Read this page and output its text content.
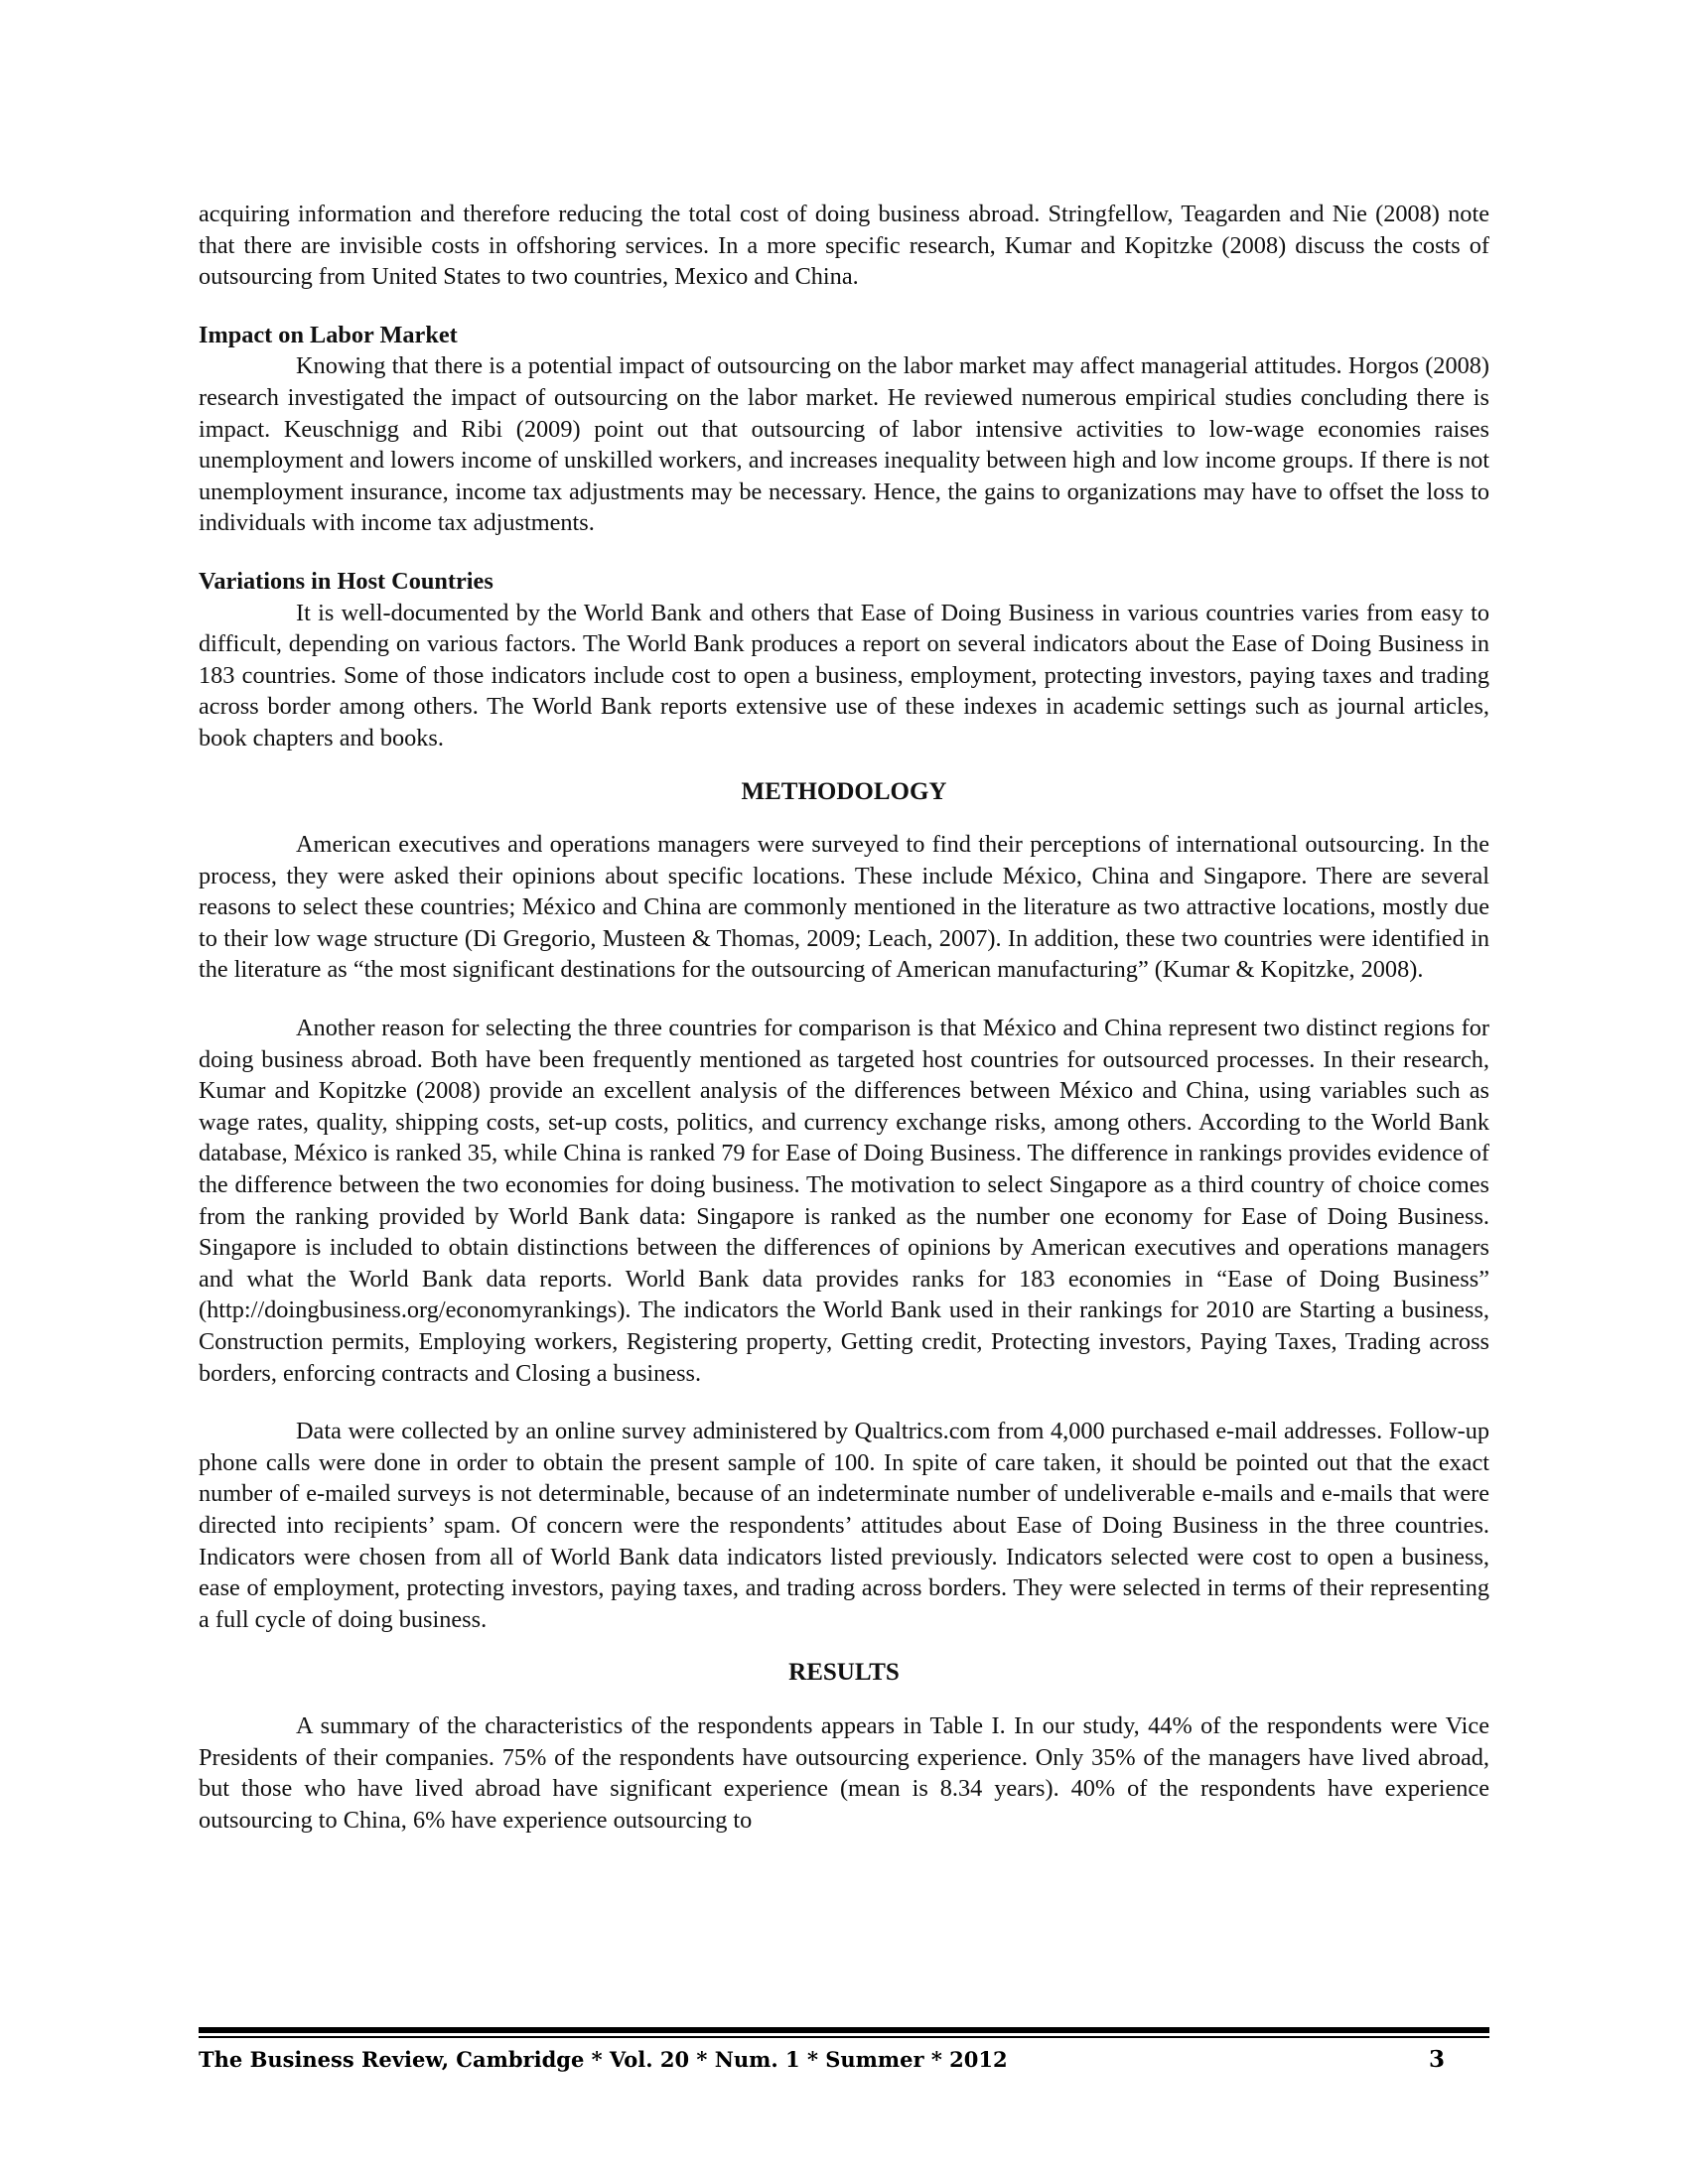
acquiring information and therefore reducing the total cost of doing business abroad. Stringfellow, Teagarden and Nie (2008) note that there are invisible costs in offshoring services. In a more specific research, Kumar and Kopitzke (2008) discuss the costs of outsourcing from United States to two countries, Mexico and China.

Impact on Labor Market

Knowing that there is a potential impact of outsourcing on the labor market may affect managerial attitudes. Horgos (2008) research investigated the impact of outsourcing on the labor market. He reviewed numerous empirical studies concluding there is impact. Keuschnigg and Ribi (2009) point out that outsourcing of labor intensive activities to low-wage economies raises unemployment and lowers income of unskilled workers, and increases inequality between high and low income groups. If there is not unemployment insurance, income tax adjustments may be necessary. Hence, the gains to organizations may have to offset the loss to individuals with income tax adjustments.

Variations in Host Countries

It is well-documented by the World Bank and others that Ease of Doing Business in various countries varies from easy to difficult, depending on various factors. The World Bank produces a report on several indicators about the Ease of Doing Business in 183 countries. Some of those indicators include cost to open a business, employment, protecting investors, paying taxes and trading across border among others. The World Bank reports extensive use of these indexes in academic settings such as journal articles, book chapters and books.

METHODOLOGY

American executives and operations managers were surveyed to find their perceptions of international outsourcing. In the process, they were asked their opinions about specific locations. These include México, China and Singapore. There are several reasons to select these countries; México and China are commonly mentioned in the literature as two attractive locations, mostly due to their low wage structure (Di Gregorio, Musteen & Thomas, 2009; Leach, 2007). In addition, these two countries were identified in the literature as “the most significant destinations for the outsourcing of American manufacturing” (Kumar & Kopitzke, 2008).

Another reason for selecting the three countries for comparison is that México and China represent two distinct regions for doing business abroad. Both have been frequently mentioned as targeted host countries for outsourced processes. In their research, Kumar and Kopitzke (2008) provide an excellent analysis of the differences between México and China, using variables such as wage rates, quality, shipping costs, set-up costs, politics, and currency exchange risks, among others. According to the World Bank database, México is ranked 35, while China is ranked 79 for Ease of Doing Business. The difference in rankings provides evidence of the difference between the two economies for doing business. The motivation to select Singapore as a third country of choice comes from the ranking provided by World Bank data: Singapore is ranked as the number one economy for Ease of Doing Business. Singapore is included to obtain distinctions between the differences of opinions by American executives and operations managers and what the World Bank data reports. World Bank data provides ranks for 183 economies in “Ease of Doing Business” (http://doingbusiness.org/economyrankings). The indicators the World Bank used in their rankings for 2010 are Starting a business, Construction permits, Employing workers, Registering property, Getting credit, Protecting investors, Paying Taxes, Trading across borders, enforcing contracts and Closing a business.

Data were collected by an online survey administered by Qualtrics.com from 4,000 purchased e-mail addresses. Follow-up phone calls were done in order to obtain the present sample of 100. In spite of care taken, it should be pointed out that the exact number of e-mailed surveys is not determinable, because of an indeterminate number of undeliverable e-mails and e-mails that were directed into recipients’ spam. Of concern were the respondents’ attitudes about Ease of Doing Business in the three countries. Indicators were chosen from all of World Bank data indicators listed previously. Indicators selected were cost to open a business, ease of employment, protecting investors, paying taxes, and trading across borders. They were selected in terms of their representing a full cycle of doing business.

RESULTS

A summary of the characteristics of the respondents appears in Table I. In our study, 44% of the respondents were Vice Presidents of their companies. 75% of the respondents have outsourcing experience. Only 35% of the managers have lived abroad, but those who have lived abroad have significant experience (mean is 8.34 years). 40% of the respondents have experience outsourcing to China, 6% have experience outsourcing to

The Business Review, Cambridge * Vol. 20 * Num. 1 * Summer * 2012	3
